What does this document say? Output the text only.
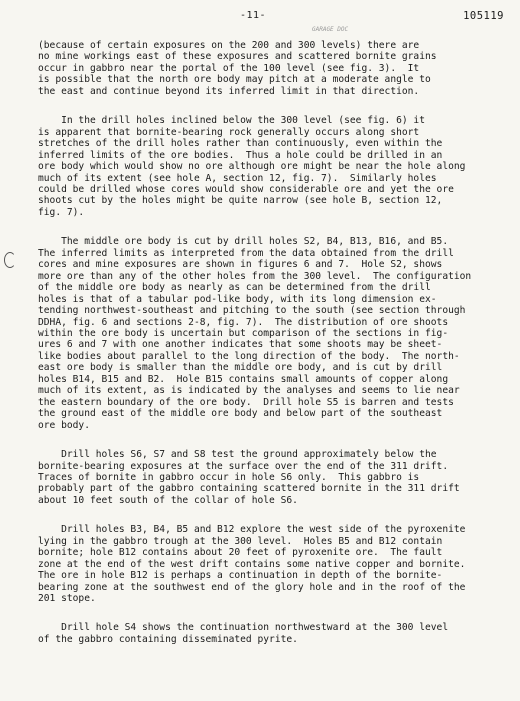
-11-	105119
GARAGE DOC

(because of certain exposures on the 200 and 300 levels) there are
no mine workings east of these exposures and scattered bornite grains
occur in gabbro near the portal of the 100 level (see fig. 3).  It
is possible that the north ore body may pitch at a moderate angle to
the east and continue beyond its inferred limit in that direction.

In the drill holes inclined below the 300 level (see fig. 6) it
is apparent that bornite-bearing rock generally occurs along short
stretches of the drill holes rather than continuously, even within the
inferred limits of the ore bodies.  Thus a hole could be drilled in an
ore body which would show no ore although ore might be near the hole along
much of its extent (see hole A, section 12, fig. 7).  Similarly holes
could be drilled whose cores would show considerable ore and yet the ore
shoots cut by the holes might be quite narrow (see hole B, section 12,
fig. 7).

The middle ore body is cut by drill holes S2, B4, B13, B16, and B5.
The inferred limits as interpreted from the data obtained from the drill
cores and mine exposures are shown in figures 6 and 7.  Hole S2, shows
more ore than any of the other holes from the 300 level.  The configuration
of the middle ore body as nearly as can be determined from the drill
holes is that of a tabular pod-like body, with its long dimension ex-
tending northwest-southeast and pitching to the south (see section through
DDHA, fig. 6 and sections 2-8, fig. 7).  The distribution of ore shoots
within the ore body is uncertain but comparison of the sections in fig-
ures 6 and 7 with one another indicates that some shoots may be sheet-
like bodies about parallel to the long direction of the body.  The north-
east ore body is smaller than the middle ore body, and is cut by drill
holes B14, B15 and B2.  Hole B15 contains small amounts of copper along
much of its extent, as is indicated by the analyses and seems to lie near
the eastern boundary of the ore body.  Drill hole S5 is barren and tests
the ground east of the middle ore body and below part of the southeast
ore body.

Drill holes S6, S7 and S8 test the ground approximately below the
bornite-bearing exposures at the surface over the end of the 311 drift.
Traces of bornite in gabbro occur in hole S6 only.  This gabbro is
probably part of the gabbro containing scattered bornite in the 311 drift
about 10 feet south of the collar of hole S6.

Drill holes B3, B4, B5 and B12 explore the west side of the pyroxenite
lying in the gabbro trough at the 300 level.  Holes B5 and B12 contain
bornite; hole B12 contains about 20 feet of pyroxenite ore.  The fault
zone at the end of the west drift contains some native copper and bornite.
The ore in hole B12 is perhaps a continuation in depth of the bornite-
bearing zone at the southwest end of the glory hole and in the roof of the
201 stope.

Drill hole S4 shows the continuation northwestward at the 300 level
of the gabbro containing disseminated pyrite.
